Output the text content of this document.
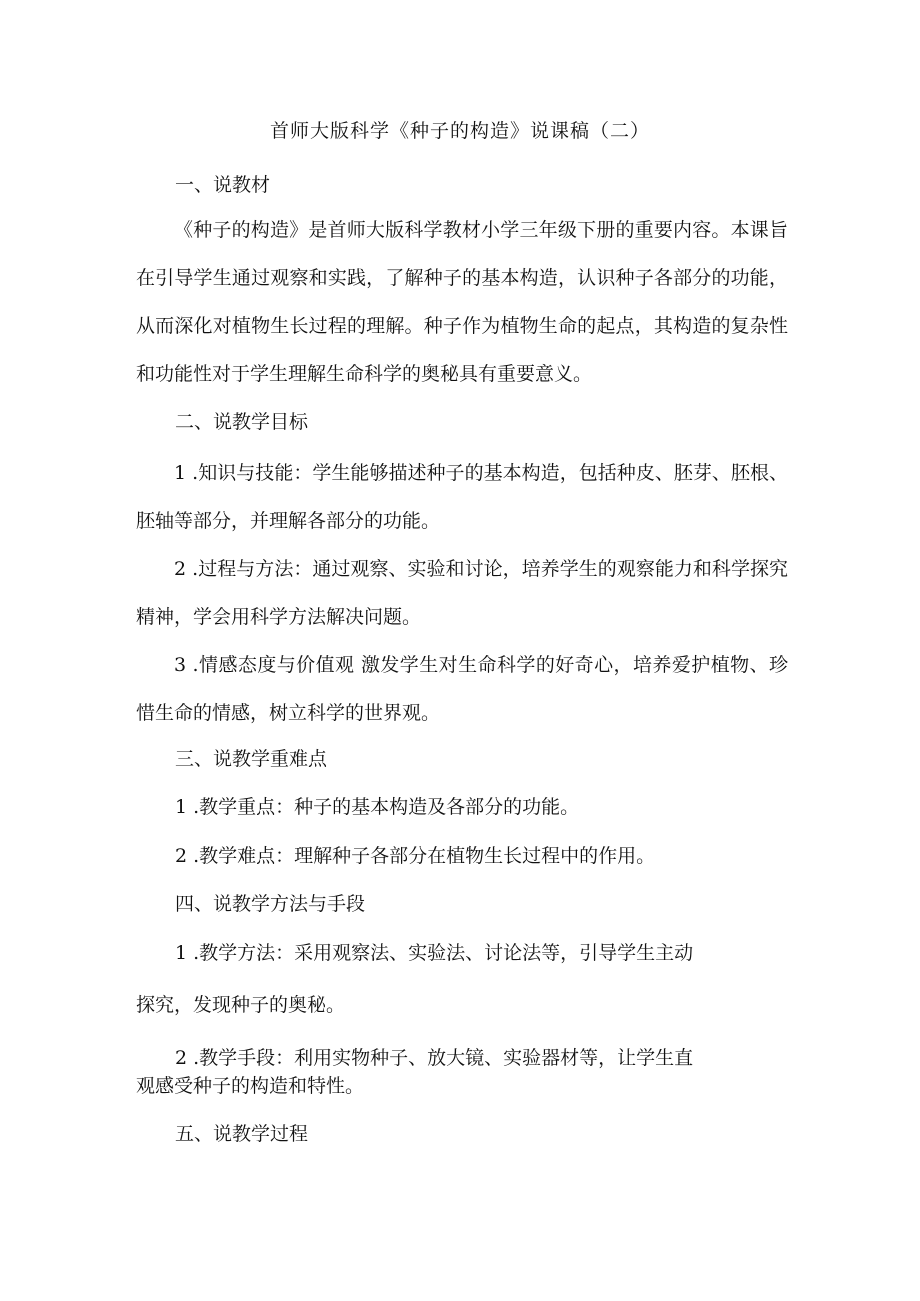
首师大版科学《种子的构造》说课稿（二）
一、说教材
《种子的构造》是首师大版科学教材小学三年级下册的重要内容。本课旨在引导学生通过观察和实践，了解种子的基本构造，认识种子各部分的功能，从而深化对植物生长过程的理解。种子作为植物生命的起点，其构造的复杂性和功能性对于学生理解生命科学的奥秘具有重要意义。
二、说教学目标
1 .知识与技能：学生能够描述种子的基本构造，包括种皮、胚芽、胚根、胚轴等部分，并理解各部分的功能。
2 .过程与方法：通过观察、实验和讨论，培养学生的观察能力和科学探究精神，学会用科学方法解决问题。
3 .情感态度与价值观 激发学生对生命科学的好奇心，培养爱护植物、珍惜生命的情感，树立科学的世界观。
三、说教学重难点
1 .教学重点：种子的基本构造及各部分的功能。
2 .教学难点：理解种子各部分在植物生长过程中的作用。
四、说教学方法与手段
1 .教学方法：采用观察法、实验法、讨论法等，引导学生主动
探究，发现种子的奥秘。
2 .教学手段：利用实物种子、放大镜、实验器材等，让学生直
观感受种子的构造和特性。
五、说教学过程
